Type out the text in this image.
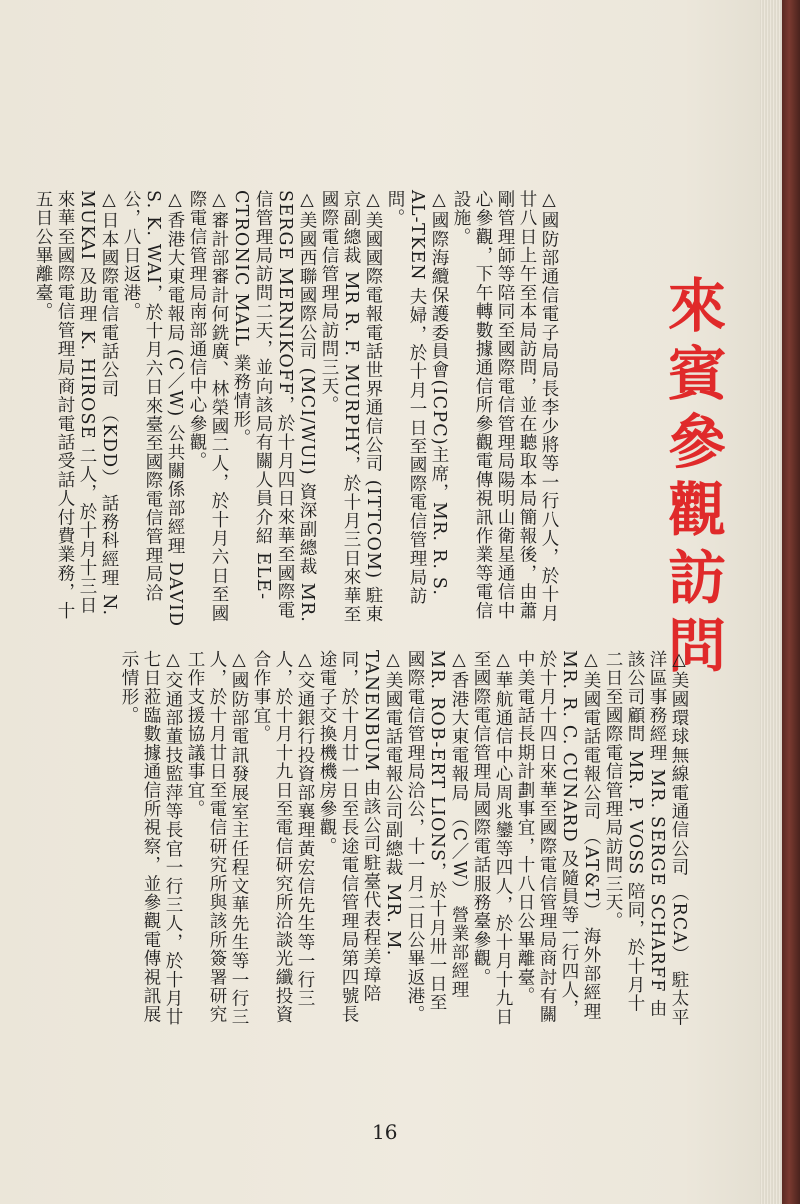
來賓參觀訪問

△國防部通信電子局局長李少將等一行八人，於十月廿八日上午至本局訪問，並在聽取本局簡報後，由蕭剛管理師等陪同至國際電信管理局陽明山衛星通信中心參觀，下午轉數據通信所參觀電傳視訊作業等電信設施。

△國際海纜保護委員會(ICPC)主席，MR. R. S. AL-TKEN 夫婦，於十月一日至國際電信管理局訪問。

△美國國際電報電話世界通信公司 (ITTCOM) 駐東京副總裁 MR R. F. MURPHY，於十月三日來華至國際電信管理局訪問三天。

△美國西聯國際公司 (MCI/WUI) 資深副總裁 MR. SERGE MERNIKOFF，於十月四日來華至國際電信管理局訪問二天，並向該局有關人員介紹 ELE-CTRONIC MAIL 業務情形。

△審計部審計何銑廣、林榮國二人，於十月六日至國際電信管理局南部通信中心參觀。

△香港大東電報局 (C／W) 公共關係部經理 DAVID S. K. WAI，於十月六日來臺至國際電信管理局洽公，八日返港。

△日本國際電信電話公司 （KDD） 話務科經理 N. MUKAI 及助理 K. HIROSE 二人，於十月十三日來華至國際電信管理局商討電話受話人付費業務，十五日公畢離臺。

△美國環球無線電通信公司 （RCA） 駐太平洋區事務經理 MR. SERGE SCHARFF 由該公司顧問 MR. P. VOSS 陪同，於十月十二日至國際電信管理局訪問三天。

△美國電話電報公司 （AT&T） 海外部經理 MR. R. C. CUNARD 及隨員等一行四人，於十月十四日來華至國際電信管理局商討有關中美電話長期計劃事宜，十八日公畢離臺。

△華航通信中心周兆鑾等四人，於十月十九日至國際電信管理局國際電話服務臺參觀。

△香港大東電報局 （C／W） 營業部經理 MR. ROB-ERT LIONS，於十月卅一日至國際電信管理局洽公，十一月二日公畢返港。

△美國電話電報公司副總裁 MR. M. TANENBUM 由該公司駐臺代表程美璋陪同，於十月廿一日至長途電信管理局第四號長途電子交換機機房參觀。

△交通銀行投資部襄理黃宏信先生等一行三人，於十月十九日至電信研究所洽談光纖投資合作事宜。

△國防部電訊發展室主任程文華先生等一行三人，於十月廿日至電信研究所與該所簽署研究工作支援協議事宜。

△交通部董技監萍等長官一行三人，於十月廿七日蒞臨數據通信所視察，並參觀電傳視訊展示情形。

16
